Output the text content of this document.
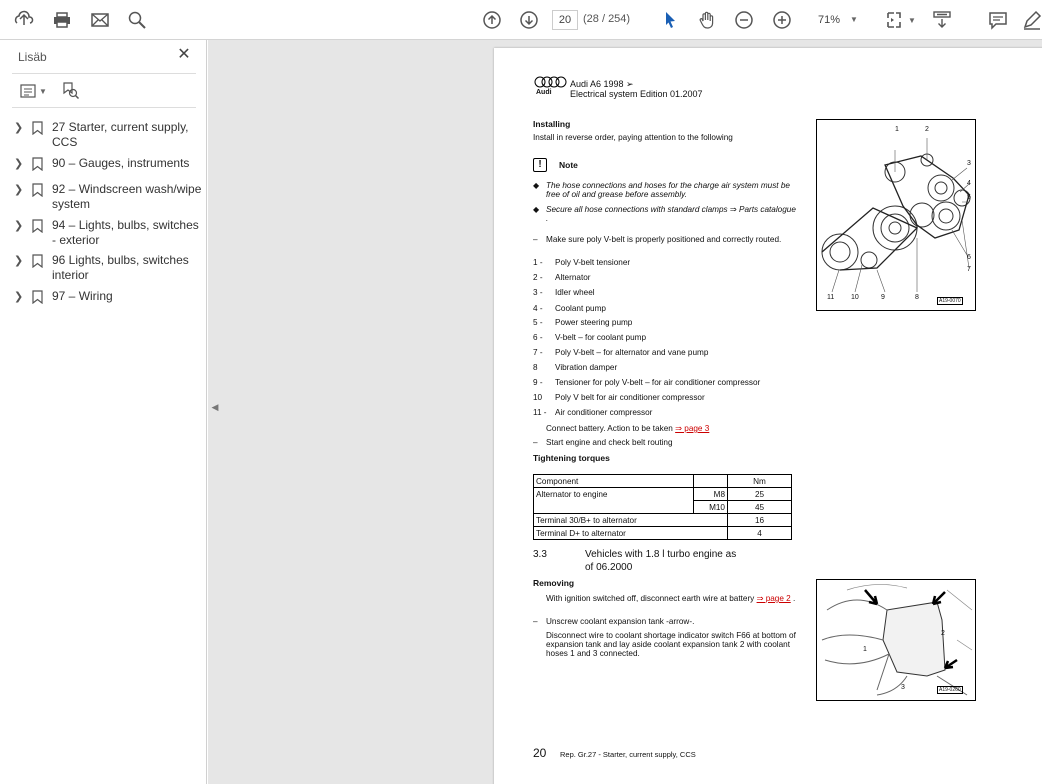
20	(28 / 254)	71% ▼	▼
Lisäb	✕
▼
❯	27 Starter, current supply, CCS
❯	90 – Gauges, instruments
❯	92 – Windscreen wash/wipe system
❯	94 – Lights, bulbs, switches - exterior
❯	96 Lights, bulbs, switches interior
❯	97 – Wiring
◀
Audi
Audi A6 1998 ➢
Electrical system Edition 01.2007
Installing
Install in reverse order, paying attention to the following
!	Note
◆ The hose connections and hoses for the charge air system must be free of oil and grease before assembly.
◆ Secure all hose connections with standard clamps ⇒ Parts catalogue .
– Make sure poly V-belt is properly positioned and correctly routed.
1 - Poly V-belt tensioner
2 - Alternator
3 - Idler wheel
4 - Coolant pump
5 - Power steering pump
6 - V-belt – for coolant pump
7 - Poly V-belt – for alternator and vane pump
8 Vibration damper
9 - Tensioner for poly V-belt – for air conditioner compressor
10 Poly V belt for air conditioner compressor
11 - Air conditioner compressor
Connect battery. Action to be taken ⇒ page 3
– Start engine and check belt routing
Tightening torques
Component		Nm
Alternator to engine	M8	25
	M10	45
Terminal 30/B+ to alternator		16
Terminal D+ to alternator		4
3.3	Vehicles with 1.8 l turbo engine as
of 06.2000
Removing
With ignition switched off, disconnect earth wire at battery ⇒ page 2 .
– Unscrew coolant expansion tank -arrow-.
Disconnect wire to coolant shortage indicator switch F66 at bottom of expansion tank and lay aside coolant expansion tank 2 with coolant hoses 1 and 3 connected.
1	2
3
4
5
6
7
11 10	9	8	A19-0070
2
1
3	A19-0260
20 Rep. Gr.27 - Starter, current supply, CCS
